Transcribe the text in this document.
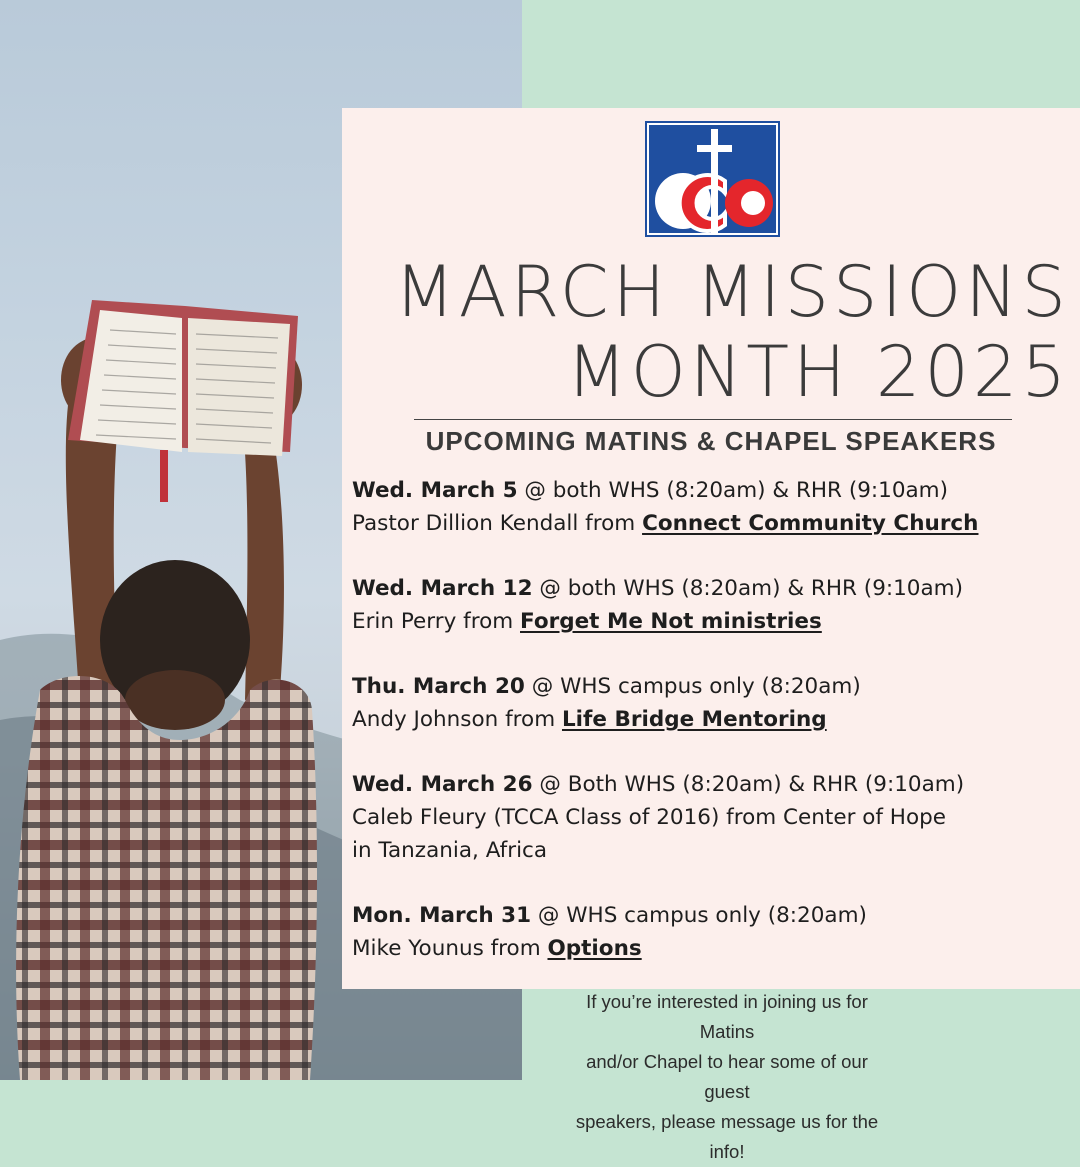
MARCH MISSIONS
MONTH 2025
UPCOMING MATINS & CHAPEL SPEAKERS
Wed. March 5 @ both WHS (8:20am) & RHR (9:10am)
Pastor Dillion Kendall from Connect Community Church
Wed. March 12 @ both WHS (8:20am) & RHR (9:10am)
Erin Perry from Forget Me Not ministries
Thu. March 20 @ WHS campus only (8:20am)
Andy Johnson from Life Bridge Mentoring
Wed. March 26 @ Both WHS (8:20am) & RHR (9:10am)
Caleb Fleury (TCCA Class of 2016) from Center of Hope
in Tanzania, Africa
Mon. March 31 @ WHS campus only (8:20am)
Mike Younus from Options
If you’re interested in joining us for Matins
and/or Chapel to hear some of our guest
speakers, please message us for the info!
